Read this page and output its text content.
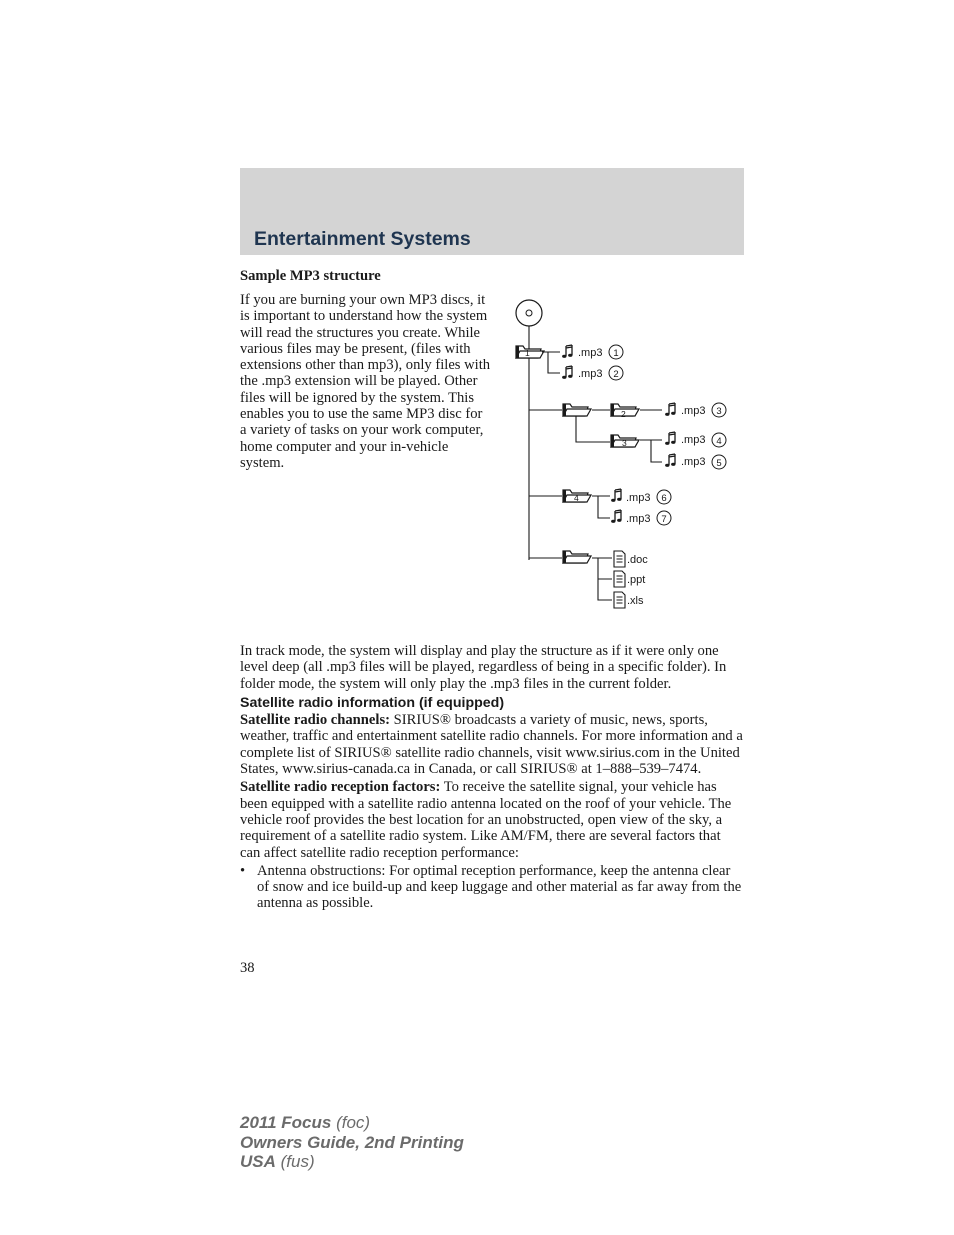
Entertainment Systems

Sample MP3 structure

If you are burning your own MP3 discs, it is important to understand how the system will read the structures you create. While various files may be present, (files with extensions other than mp3), only files with the .mp3 extension will be played. Other files will be ignored by the system. This enables you to use the same MP3 disc for a variety of tasks on your work computer, home computer and your in-vehicle system.

1	.mp3 1
.mp3 2
2	.mp3 3
3	.mp3 4
.mp3 5
4	.mp3 6
.mp3 7
.doc
.ppt
.xls

In track mode, the system will display and play the structure as if it were only one level deep (all .mp3 files will be played, regardless of being in a specific folder). In folder mode, the system will only play the .mp3 files in the current folder.

Satellite radio information (if equipped)

Satellite radio channels: SIRIUS® broadcasts a variety of music, news, sports, weather, traffic and entertainment satellite radio channels. For more information and a complete list of SIRIUS® satellite radio channels, visit www.sirius.com in the United States, www.sirius-canada.ca in Canada, or call SIRIUS® at 1–888–539–7474.

Satellite radio reception factors: To receive the satellite signal, your vehicle has been equipped with a satellite radio antenna located on the roof of your vehicle. The vehicle roof provides the best location for an unobstructed, open view of the sky, a requirement of a satellite radio system. Like AM/FM, there are several factors that can affect satellite radio reception performance:

• Antenna obstructions: For optimal reception performance, keep the antenna clear of snow and ice build-up and keep luggage and other material as far away from the antenna as possible.
38
2011 Focus (foc)
Owners Guide, 2nd Printing
USA (fus)
